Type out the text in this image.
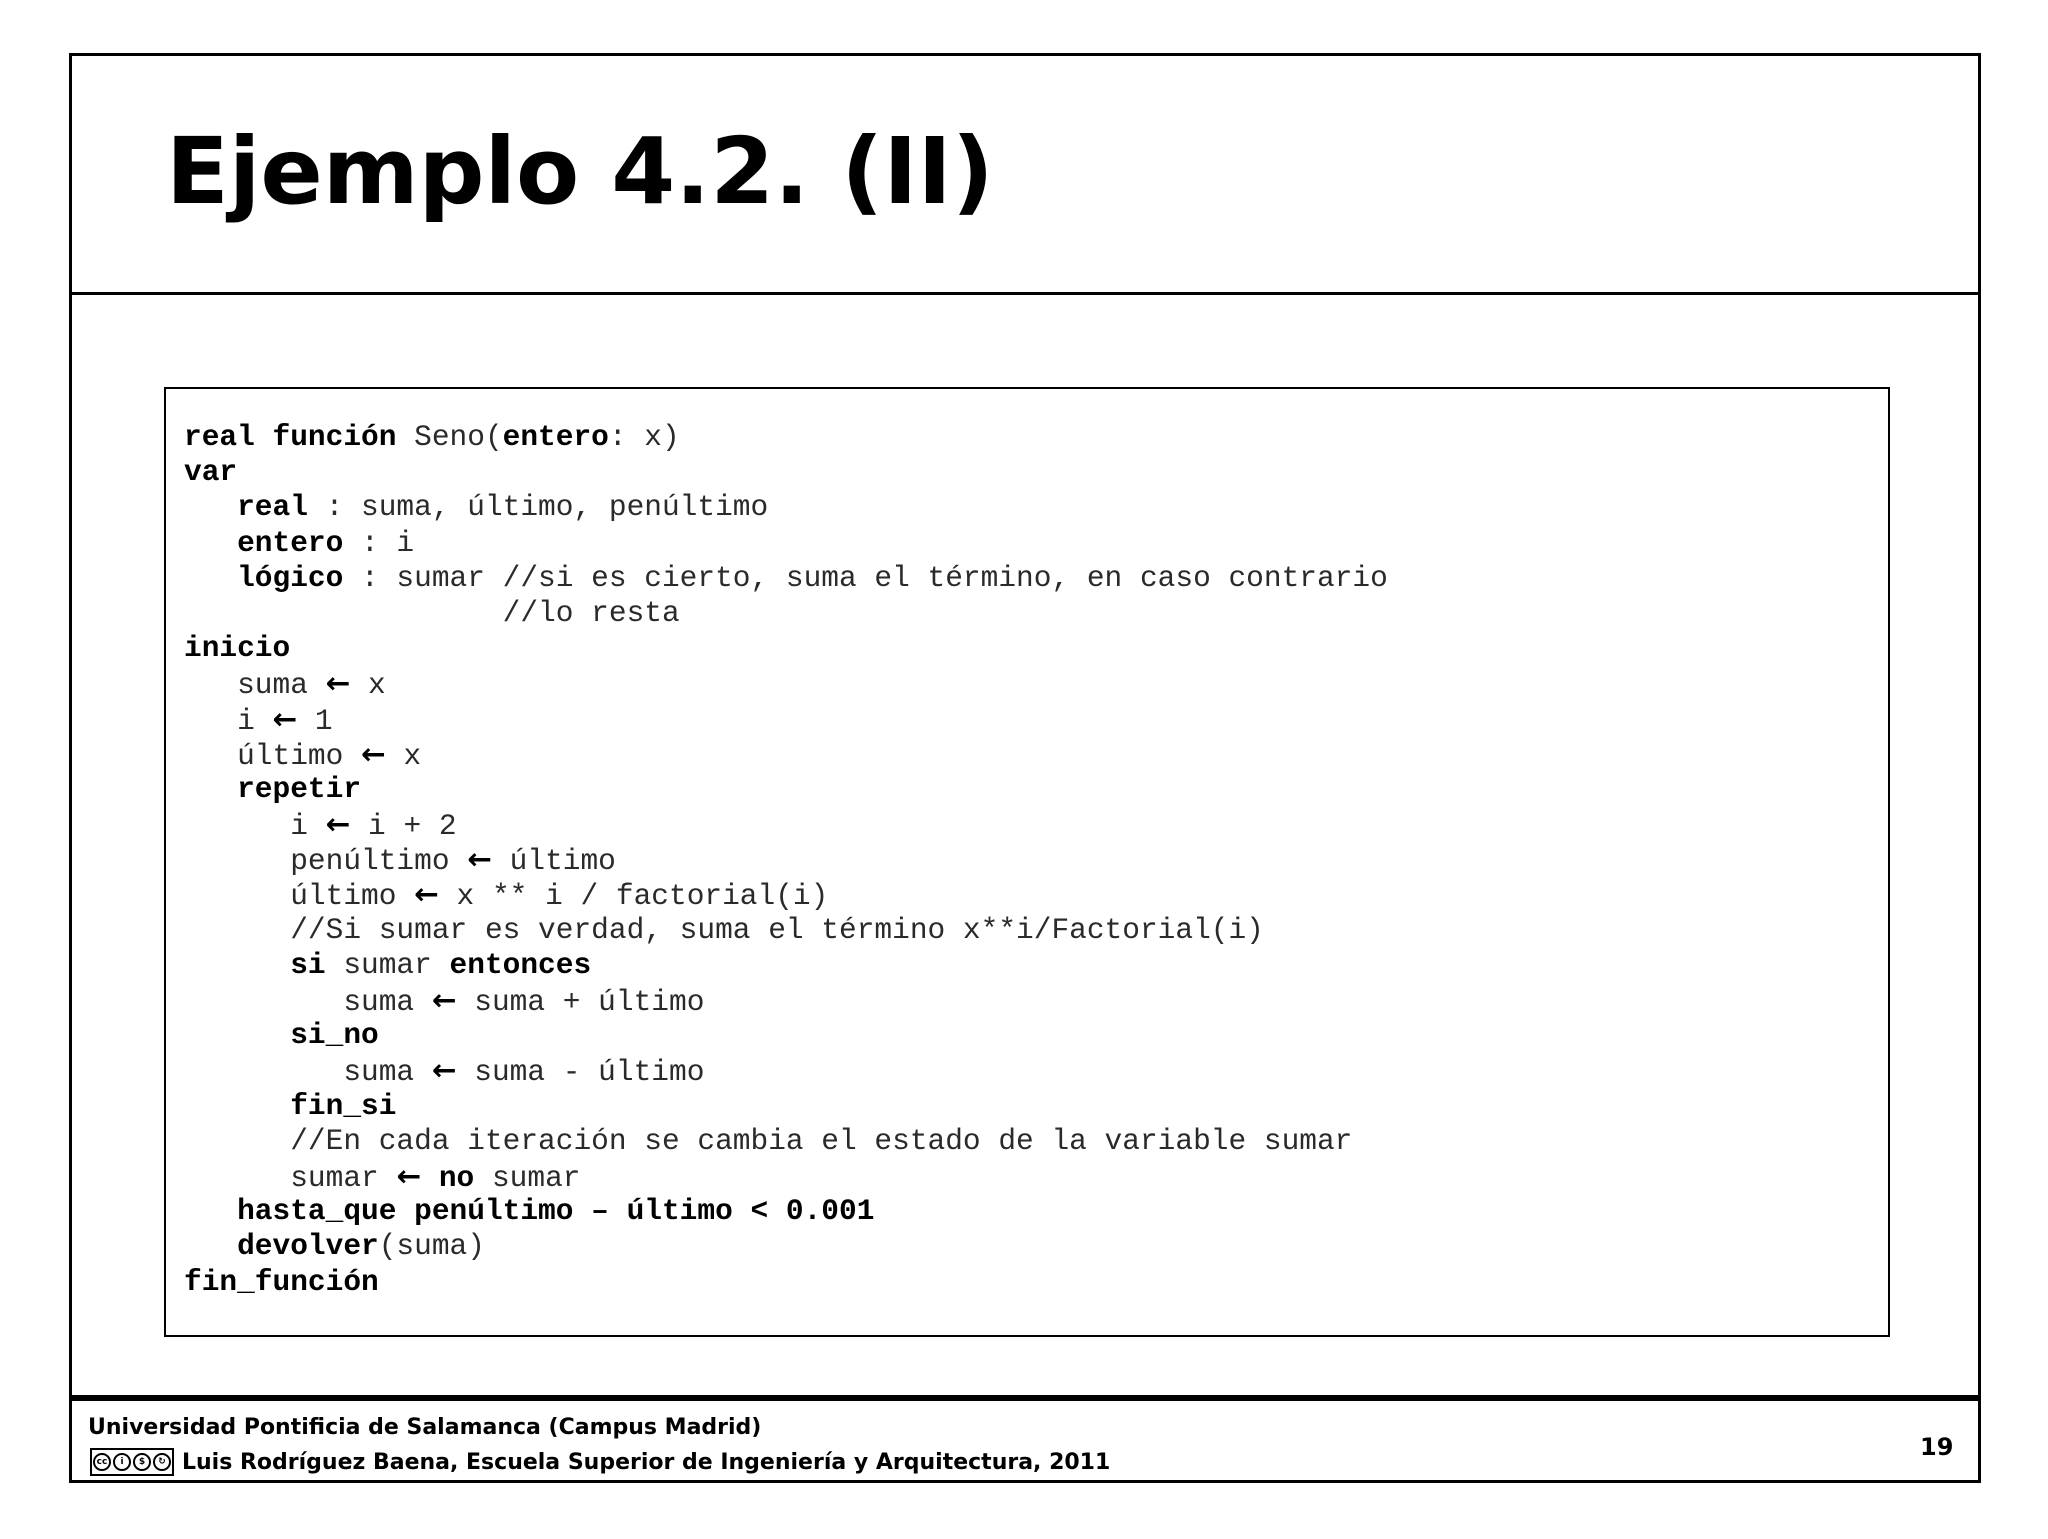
Ejemplo 4.2. (II)
real función Seno(entero: x)
var
real : suma, último, penúltimo
entero : i
lógico : sumar //si es cierto, suma el término, en caso contrario
//lo resta
inicio
suma ← x
i ← 1
último ← x
repetir
i ← i + 2
penúltimo ← último
último ← x ** i / factorial(i)
//Si sumar es verdad, suma el término x**i/Factorial(i)
si sumar entonces
suma ← suma + último
si_no
suma ← suma - último
fin_si
//En cada iteración se cambia el estado de la variable sumar
sumar ← no sumar
hasta_que penúltimo – último < 0.001
devolver(suma)
fin_función
Universidad Pontificia de Salamanca (Campus Madrid)
cc	i	$	↻ Luis Rodríguez Baena, Escuela Superior de Ingeniería y Arquitectura, 2011
19
